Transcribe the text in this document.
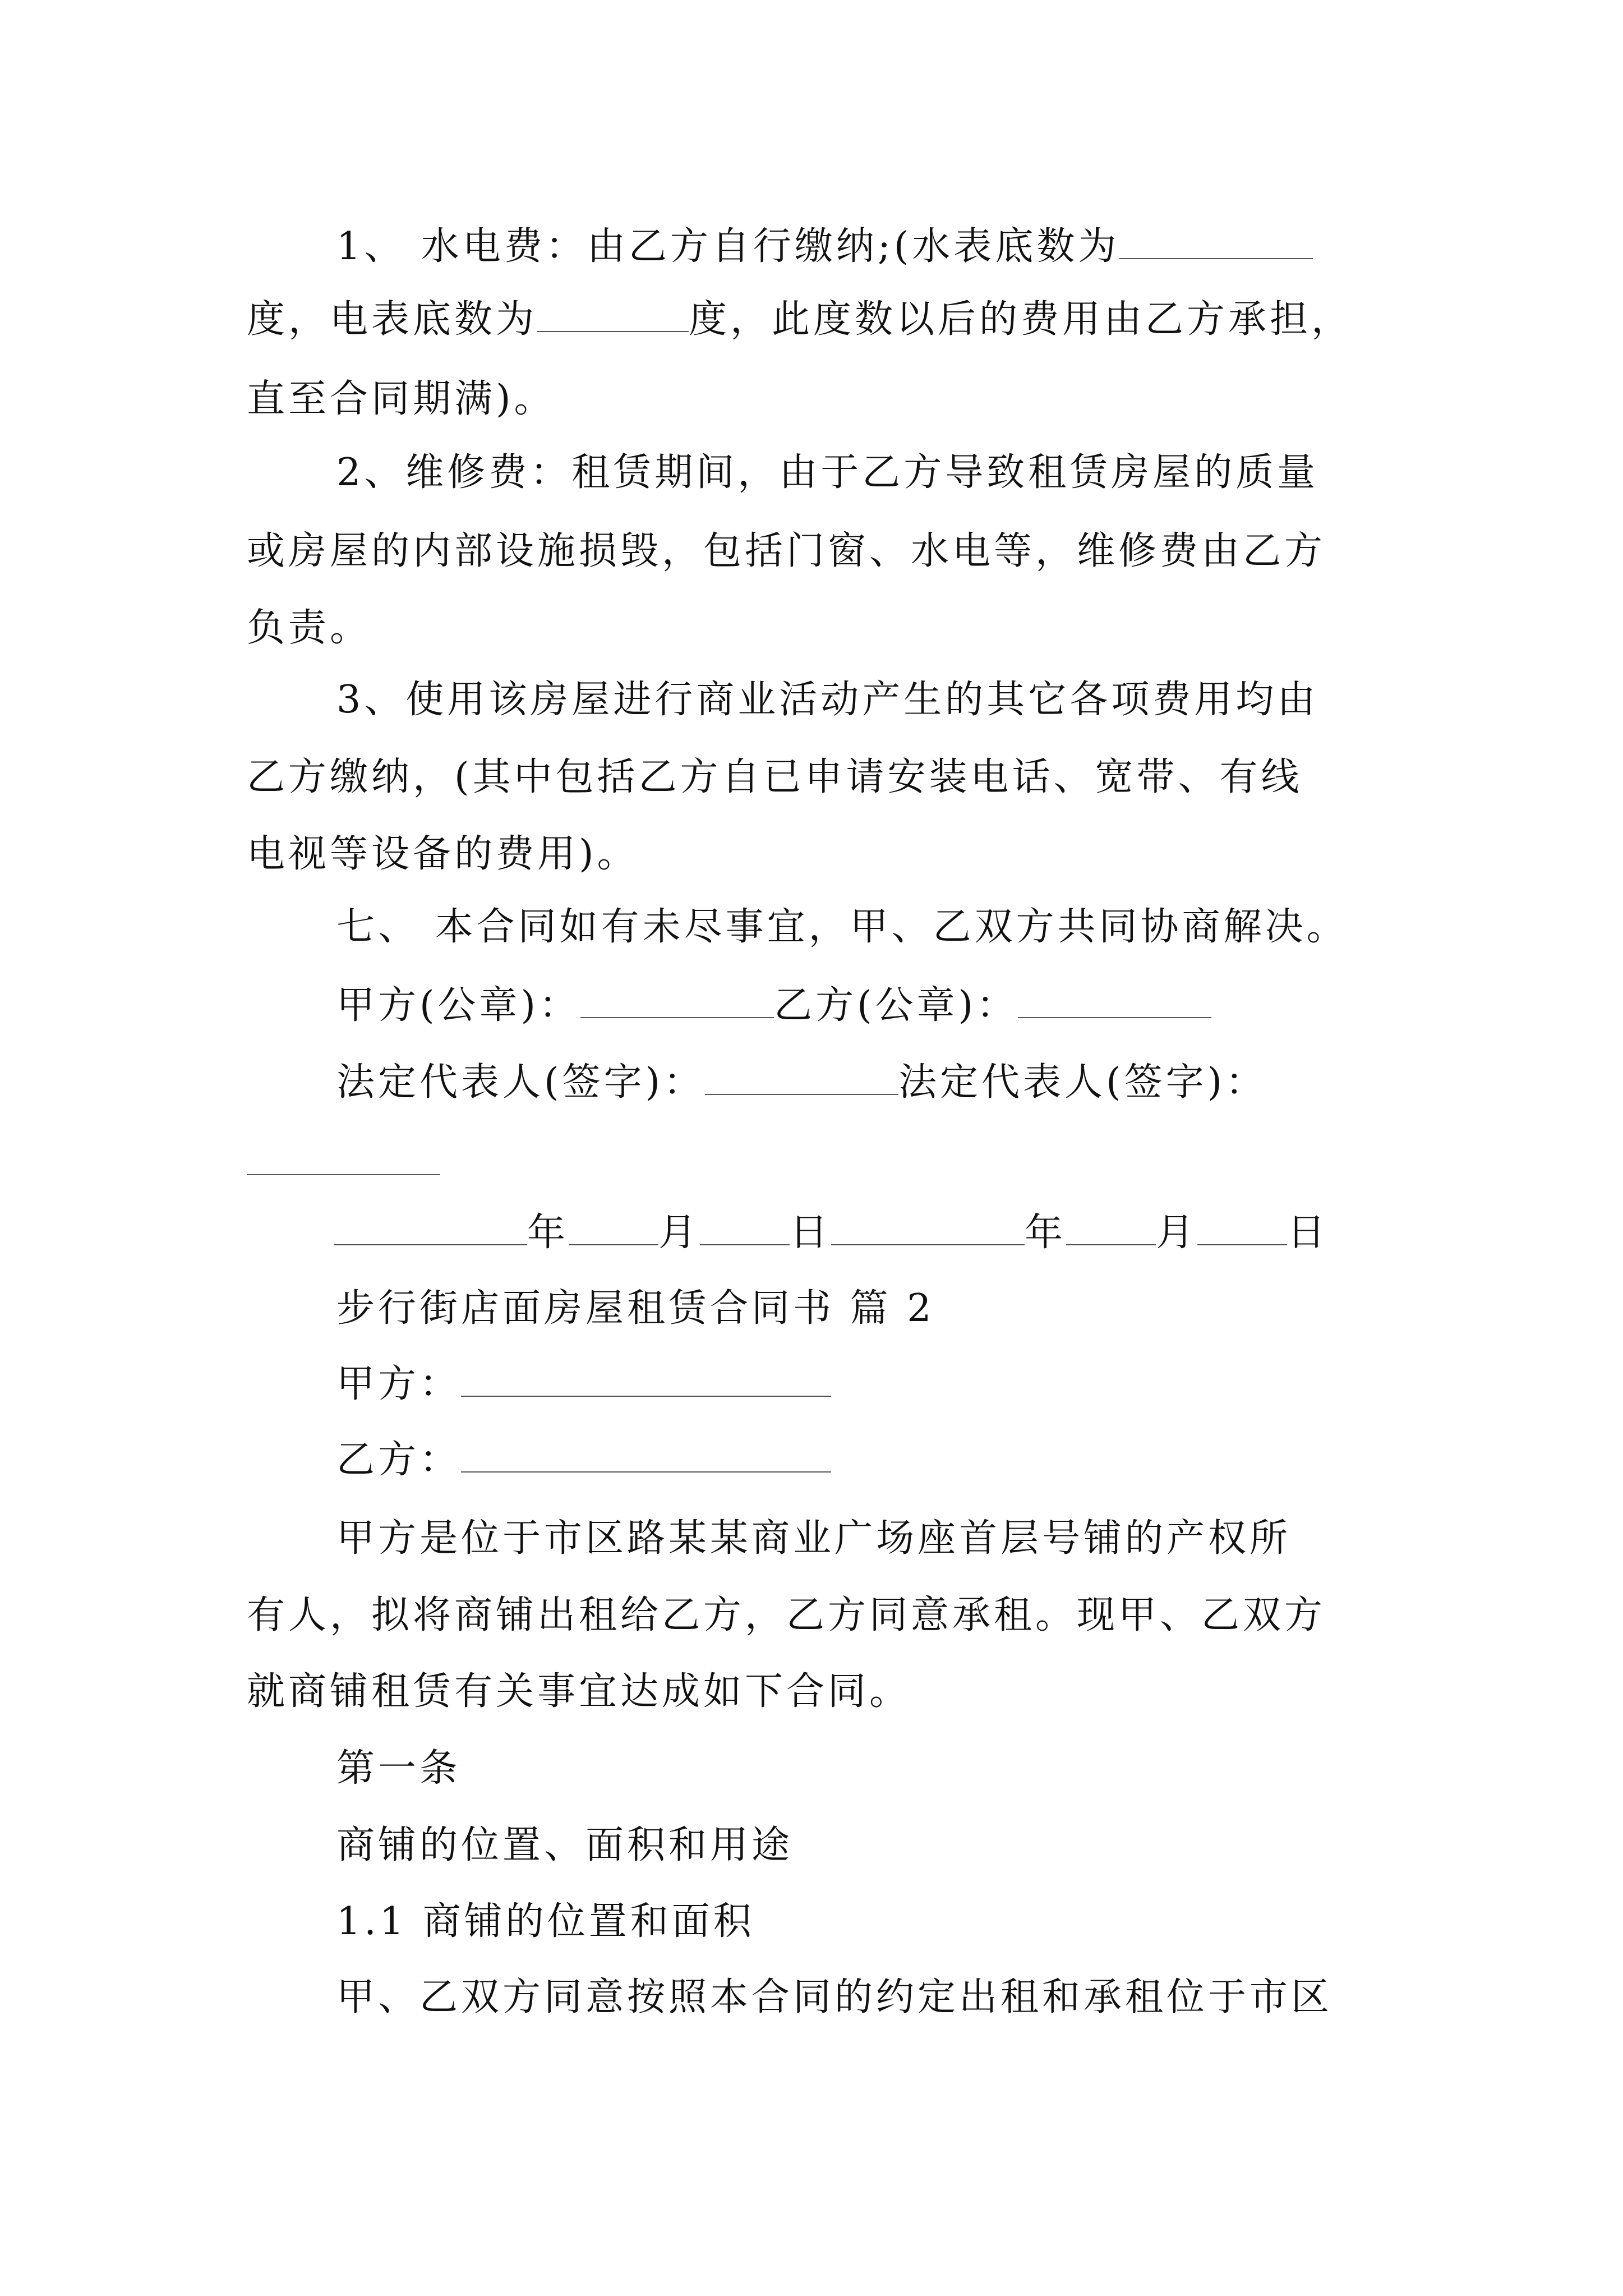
1、 水电费：由乙方自行缴纳;(水表底数为
度，电表底数为	度，此度数以后的费用由乙方承担，
直至合同期满)。
2、维修费：租赁期间，由于乙方导致租赁房屋的质量
或房屋的内部设施损毁，包括门窗、水电等，维修费由乙方
负责。
3、使用该房屋进行商业活动产生的其它各项费用均由
乙方缴纳，(其中包括乙方自已申请安装电话、宽带、有线
电视等设备的费用)。
七、 本合同如有未尽事宜，甲、乙双方共同协商解决。
甲方(公章)：	乙方(公章)：
法定代表人(签字)：	法定代表人(签字)：
年 月 日	年 月 日
步行街店面房屋租赁合同书 篇 2
甲方：
乙方：
甲方是位于市区路某某商业广场座首层号铺的产权所
有人，拟将商铺出租给乙方，乙方同意承租。现甲、乙双方
就商铺租赁有关事宜达成如下合同。
第一条
商铺的位置、面积和用途
1.1 商铺的位置和面积
甲、乙双方同意按照本合同的约定出租和承租位于市区
